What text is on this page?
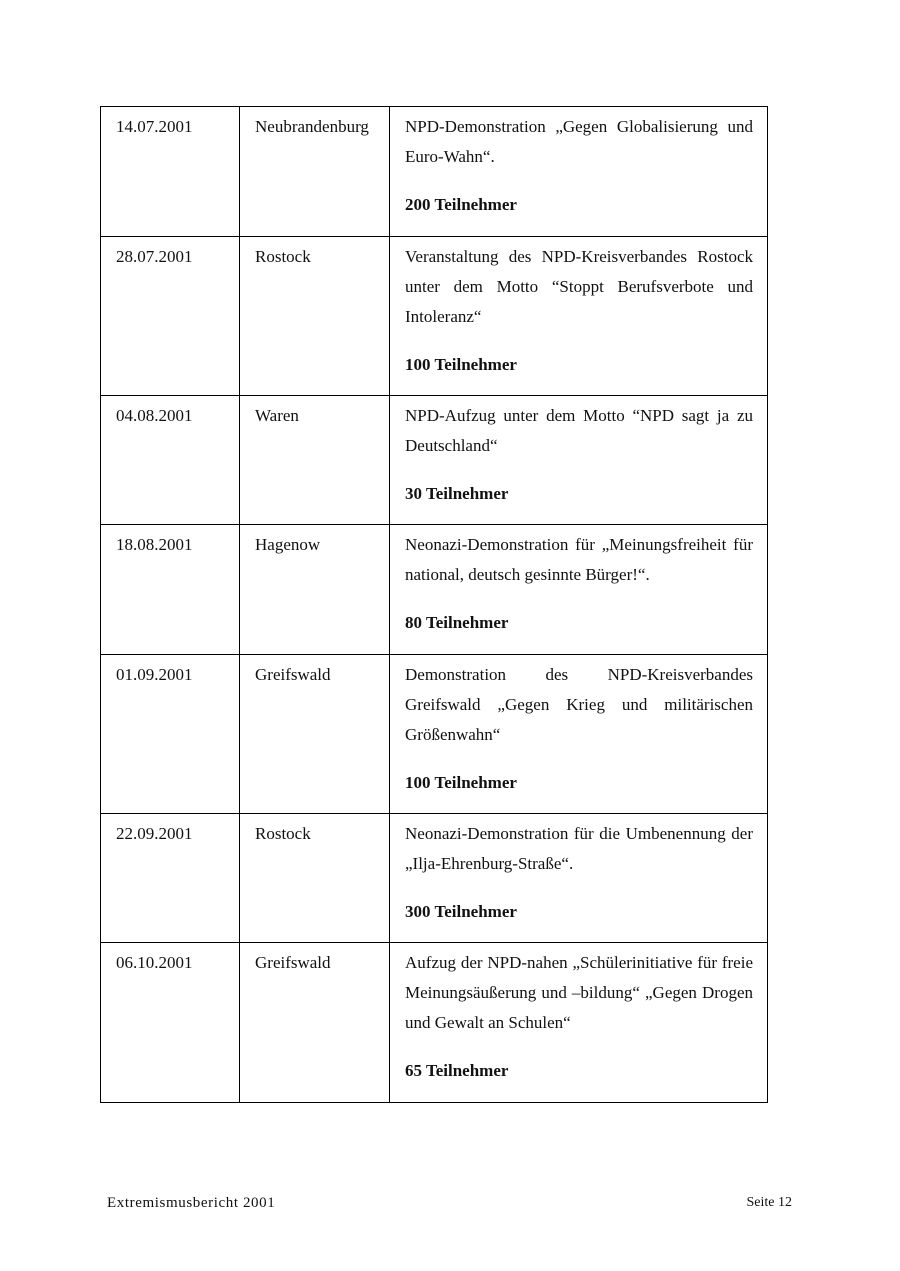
14.07.2001	Neubrandenburg	NPD-Demonstration „Gegen Globalisierung und Euro-Wahn“.
200 Teilnehmer

28.07.2001	Rostock	Veranstaltung des NPD-Kreisverbandes Rostock unter dem Motto “Stoppt Berufsverbote und Intoleranz“
100 Teilnehmer

04.08.2001	Waren	NPD-Aufzug unter dem Motto “NPD sagt ja zu Deutschland“
30 Teilnehmer

18.08.2001	Hagenow	Neonazi-Demonstration für „Meinungsfreiheit für national, deutsch gesinnte Bürger!“.
80 Teilnehmer

01.09.2001	Greifswald	Demonstration des NPD-Kreisverbandes Greifswald „Gegen Krieg und militärischen Größenwahn“
100 Teilnehmer

22.09.2001	Rostock	Neonazi-Demonstration für die Umbenennung der „Ilja-Ehrenburg-Straße“.
300 Teilnehmer

06.10.2001	Greifswald	Aufzug der NPD-nahen „Schülerinitiative für freie Meinungsäußerung und –bildung“ „Gegen Drogen und Gewalt an Schulen“
65 Teilnehmer
Extremismusbericht 2001	Seite 12
